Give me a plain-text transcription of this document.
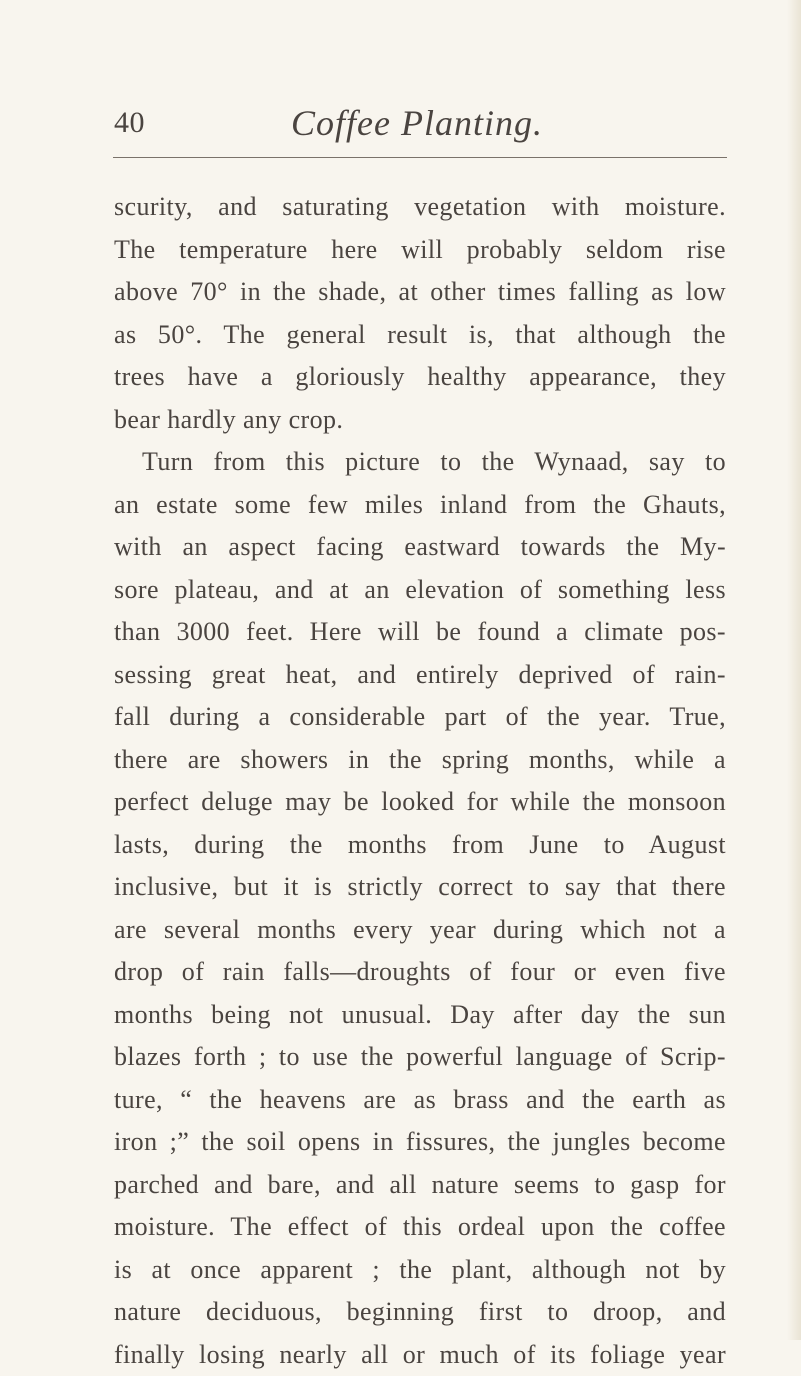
40	Coffee Planting.
scurity, and saturating vegetation with moisture.
The temperature here will probably seldom rise
above 70° in the shade, at other times falling as low
as 50°. The general result is, that although the
trees have a gloriously healthy appearance, they
bear hardly any crop.
Turn from this picture to the Wynaad, say to
an estate some few miles inland from the Ghauts,
with an aspect facing eastward towards the My-
sore plateau, and at an elevation of something less
than 3000 feet. Here will be found a climate pos-
sessing great heat, and entirely deprived of rain-
fall during a considerable part of the year. True,
there are showers in the spring months, while a
perfect deluge may be looked for while the monsoon
lasts, during the months from June to August
inclusive, but it is strictly correct to say that there
are several months every year during which not a
drop of rain falls—droughts of four or even five
months being not unusual. Day after day the sun
blazes forth ; to use the powerful language of Scrip-
ture, “ the heavens are as brass and the earth as
iron ;” the soil opens in fissures, the jungles become
parched and bare, and all nature seems to gasp for
moisture. The effect of this ordeal upon the coffee
is at once apparent ; the plant, although not by
nature deciduous, beginning first to droop, and
finally losing nearly all or much of its foliage year
